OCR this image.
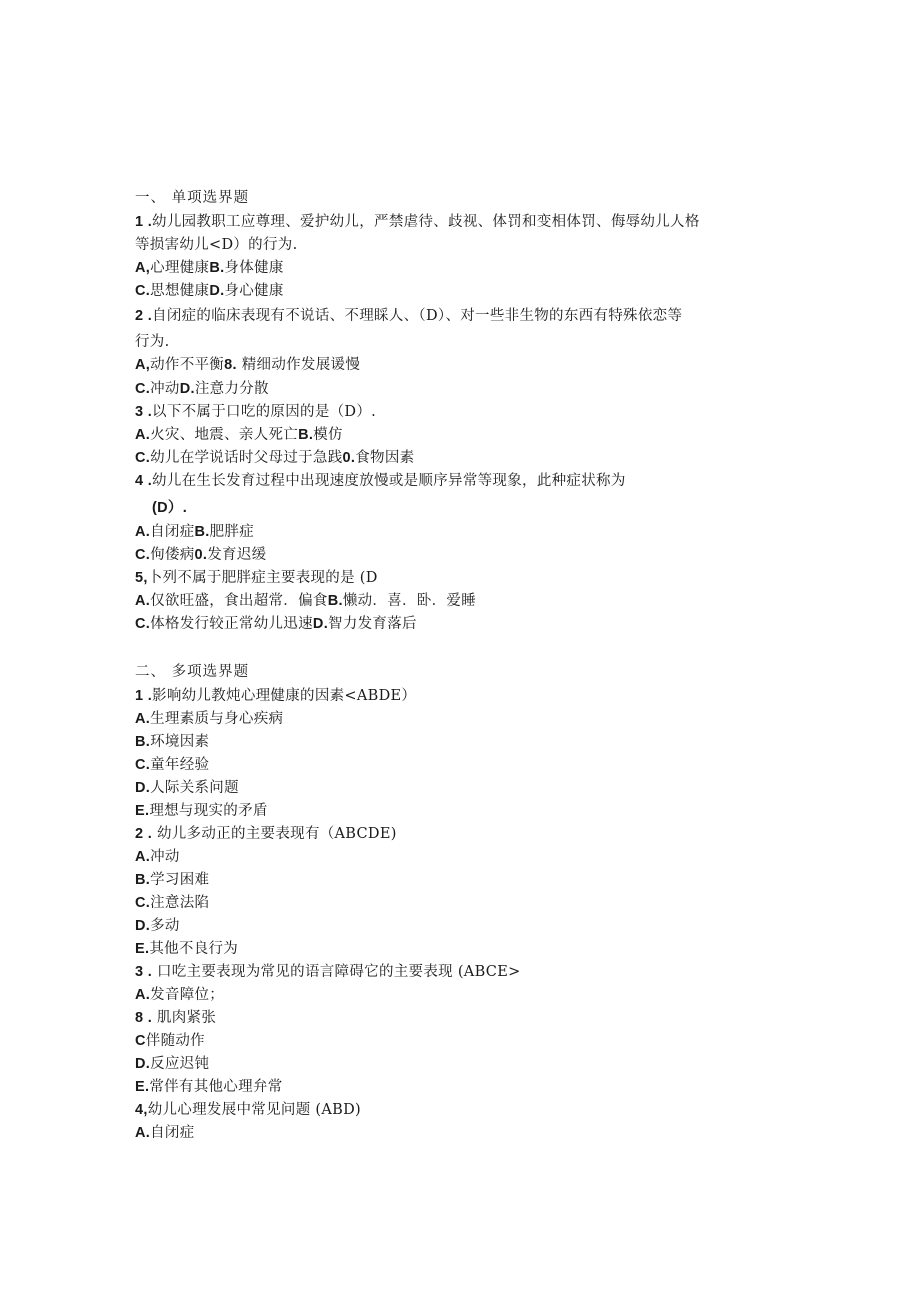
一、 单项选界题
1 .幼儿园教职工应尊理、爱护幼儿，严禁虐待、歧视、体罚和变相体罚、侮辱幼儿人格
等损害幼儿<D）的行为.
A,心理健康B.身体健康
C.思想健康D.身心健康
2 .自闭症的临床表现有不说话、不理睬人、（D）、对一些非生物的东西有特殊依恋等
行为.
A,动作不平衡8. 精细动作发展谖慢
C.冲动D.注意力分散
3 .以下不属于口吃的原因的是（D）.
A.火灾、地震、亲人死亡B.模仿
C.幼儿在学说话时父母过于急践0.食物因素
4 .幼儿在生长发育过程中出现速度放慢或是顺序异常等现象，此种症状称为
(D）.
A.自闭症B.肥胖症
C.佝偻病0.发育迟缓
5,卜列不属于肥胖症主要表现的是 (D
A.仅欲旺盛，食出超常．偏食B.懒动．喜．卧．爱睡
C.体格发行较正常幼儿迅速D.智力发育落后
二、 多项选界题
1 .影响幼儿教炖心理健康的因素<ABDE）
A.生理素质与身心疾病
B.环境因素
C.童年经验
D.人际关系问题
E.理想与现实的矛盾
2 . 幼儿多动正的主要表现有（ABCDE)
A.冲动
B.学习困难
C.注意法陷
D.多动
E.其他不良行为
3 . 口吃主要表现为常见的语言障碍它的主要表现 (ABCE>
A.发音障位；
8 . 肌肉紧张
C伴随动作
D.反应迟钝
E.常伴有其他心理弁常
4,幼儿心理发展中常见问题 (ABD)
A.自闭症
